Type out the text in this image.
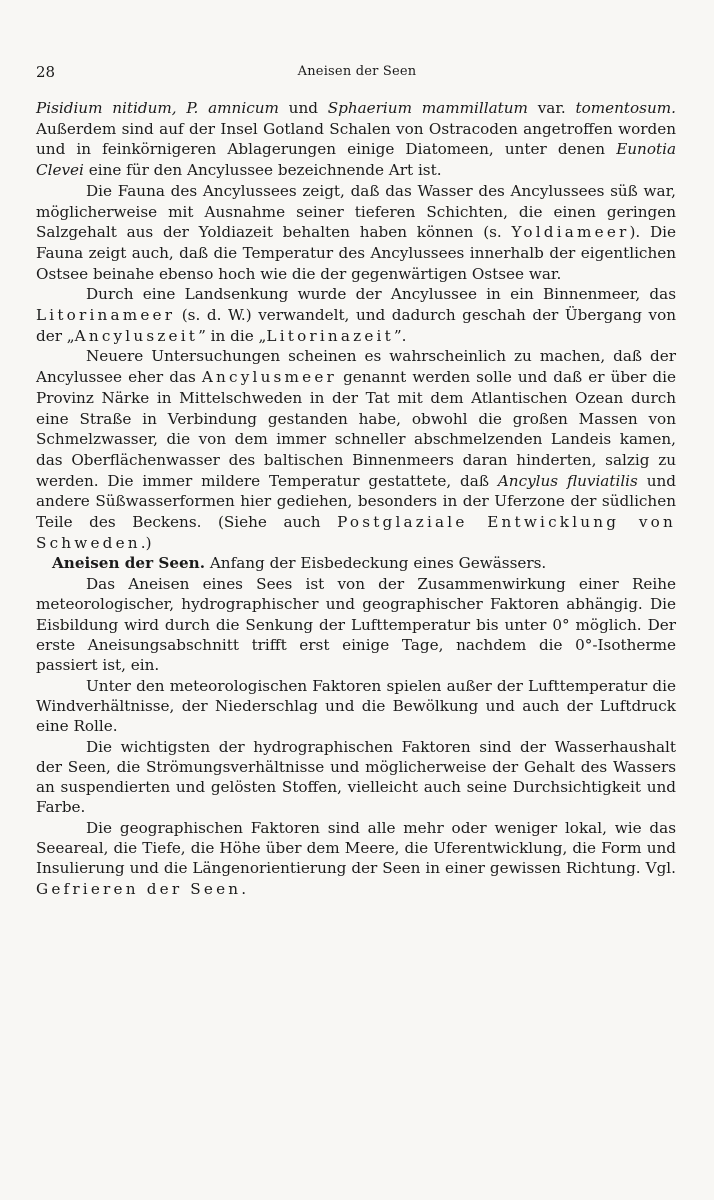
28	Aneisen der Seen

Pisidium nitidum, P. amnicum und Sphaerium mammillatum var. tomentosum. Außerdem sind auf der Insel Gotland Schalen von Ostracoden angetroffen worden und in feinkörnigeren Ablagerungen einige Diatomeen, unter denen Eunotia Clevei eine für den Ancylussee bezeichnende Art ist.

Die Fauna des Ancylussees zeigt, daß das Wasser des Ancylussees süß war, möglicherweise mit Ausnahme seiner tieferen Schichten, die einen geringen Salzgehalt aus der Yoldiazeit behalten haben können (s. Yoldiameer). Die Fauna zeigt auch, daß die Temperatur des Ancylussees innerhalb der eigentlichen Ostsee beinahe ebenso hoch wie die der gegenwärtigen Ostsee war.

Durch eine Landsenkung wurde der Ancylussee in ein Binnenmeer, das Litorinameer (s. d. W.) verwandelt, und dadurch geschah der Übergang von der „Ancyluszeit” in die „Litorinazeit”.

Neuere Untersuchungen scheinen es wahrscheinlich zu machen, daß der Ancylussee eher das Ancylusmeer genannt werden solle und daß er über die Provinz Närke in Mittelschweden in der Tat mit dem Atlantischen Ozean durch eine Straße in Verbindung gestanden habe, obwohl die großen Massen von Schmelzwasser, die von dem immer schneller abschmelzenden Landeis kamen, das Oberflächenwasser des baltischen Binnenmeers daran hinderten, salzig zu werden. Die immer mildere Temperatur gestattete, daß Ancylus fluviatilis und andere Süßwasserformen hier gediehen, besonders in der Uferzone der südlichen Teile des Beckens. (Siehe auch Postglaziale Entwicklung von Schweden.)

Aneisen der Seen. Anfang der Eisbedeckung eines Gewässers.

Das Aneisen eines Sees ist von der Zusammenwirkung einer Reihe meteorologischer, hydrographischer und geographischer Faktoren abhängig. Die Eisbildung wird durch die Senkung der Lufttemperatur bis unter 0° möglich. Der erste Aneisungsabschnitt trifft erst einige Tage, nachdem die 0°-Isotherme passiert ist, ein.

Unter den meteorologischen Faktoren spielen außer der Lufttemperatur die Windverhältnisse, der Niederschlag und die Bewölkung und auch der Luftdruck eine Rolle.

Die wichtigsten der hydrographischen Faktoren sind der Wasserhaushalt der Seen, die Strömungsverhältnisse und möglicherweise der Gehalt des Wassers an suspendierten und gelösten Stoffen, vielleicht auch seine Durchsichtigkeit und Farbe.

Die geographischen Faktoren sind alle mehr oder weniger lokal, wie das Seeareal, die Tiefe, die Höhe über dem Meere, die Uferentwicklung, die Form und Insulierung und die Längenorientierung der Seen in einer gewissen Richtung. Vgl. Gefrieren der Seen.
